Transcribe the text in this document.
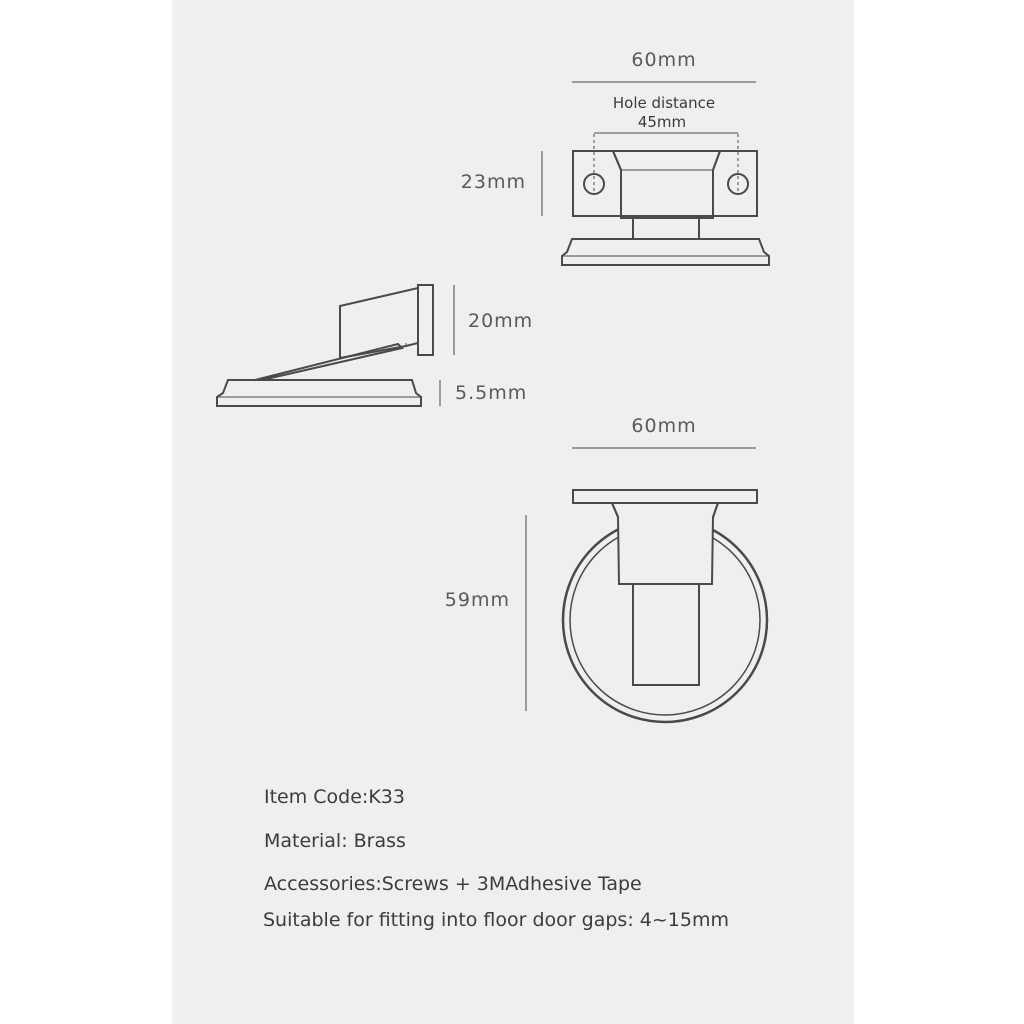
60mm
Hole distance
45mm
23mm
20mm
5.5mm
60mm
59mm
Item Code:K33
Material: Brass
Accessories:Screws + 3MAdhesive Tape
Suitable for fitting into floor door gaps: 4~15mm
